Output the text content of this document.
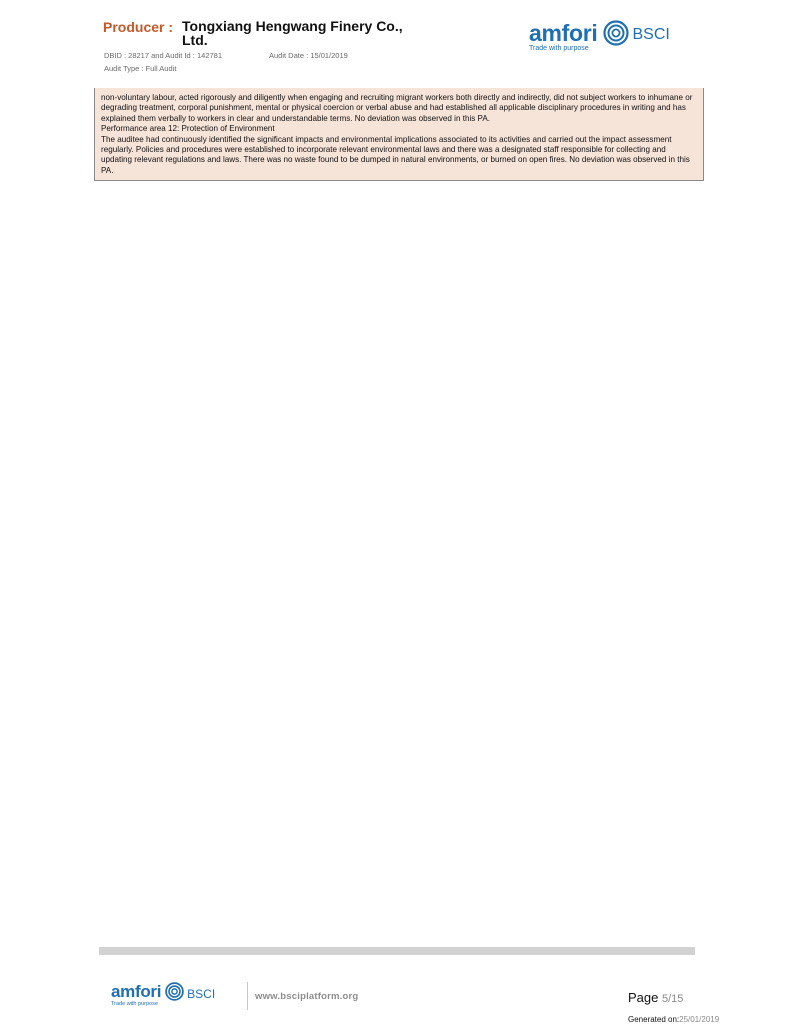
Producer : Tongxiang Hengwang Finery Co., Ltd.
DBID : 28217 and Audit Id : 142781	Audit Date : 15/01/2019
Audit Type : Full Audit
amfori
Trade with purpose
BSCI

non-voluntary labour, acted rigorously and diligently when engaging and recruiting migrant workers both directly and indirectly, did not subject workers to inhumane or degrading treatment, corporal punishment, mental or physical coercion or verbal abuse and had established all applicable disciplinary procedures in writing and has explained them verbally to workers in clear and understandable terms. No deviation was observed in this PA.

Performance area 12: Protection of Environment

The auditee had continuously identified the significant impacts and environmental implications associated to its activities and carried out the impact assessment regularly. Policies and procedures were established to incorporate relevant environmental laws and there was a designated staff responsible for collecting and updating relevant regulations and laws. There was no waste found to be dumped in natural environments, or burned on open fires. No deviation was observed in this PA.

amfori
Trade with purpose
BSCI	www.bsciplatform.org	Page 5/15
Generated on:25/01/2019
